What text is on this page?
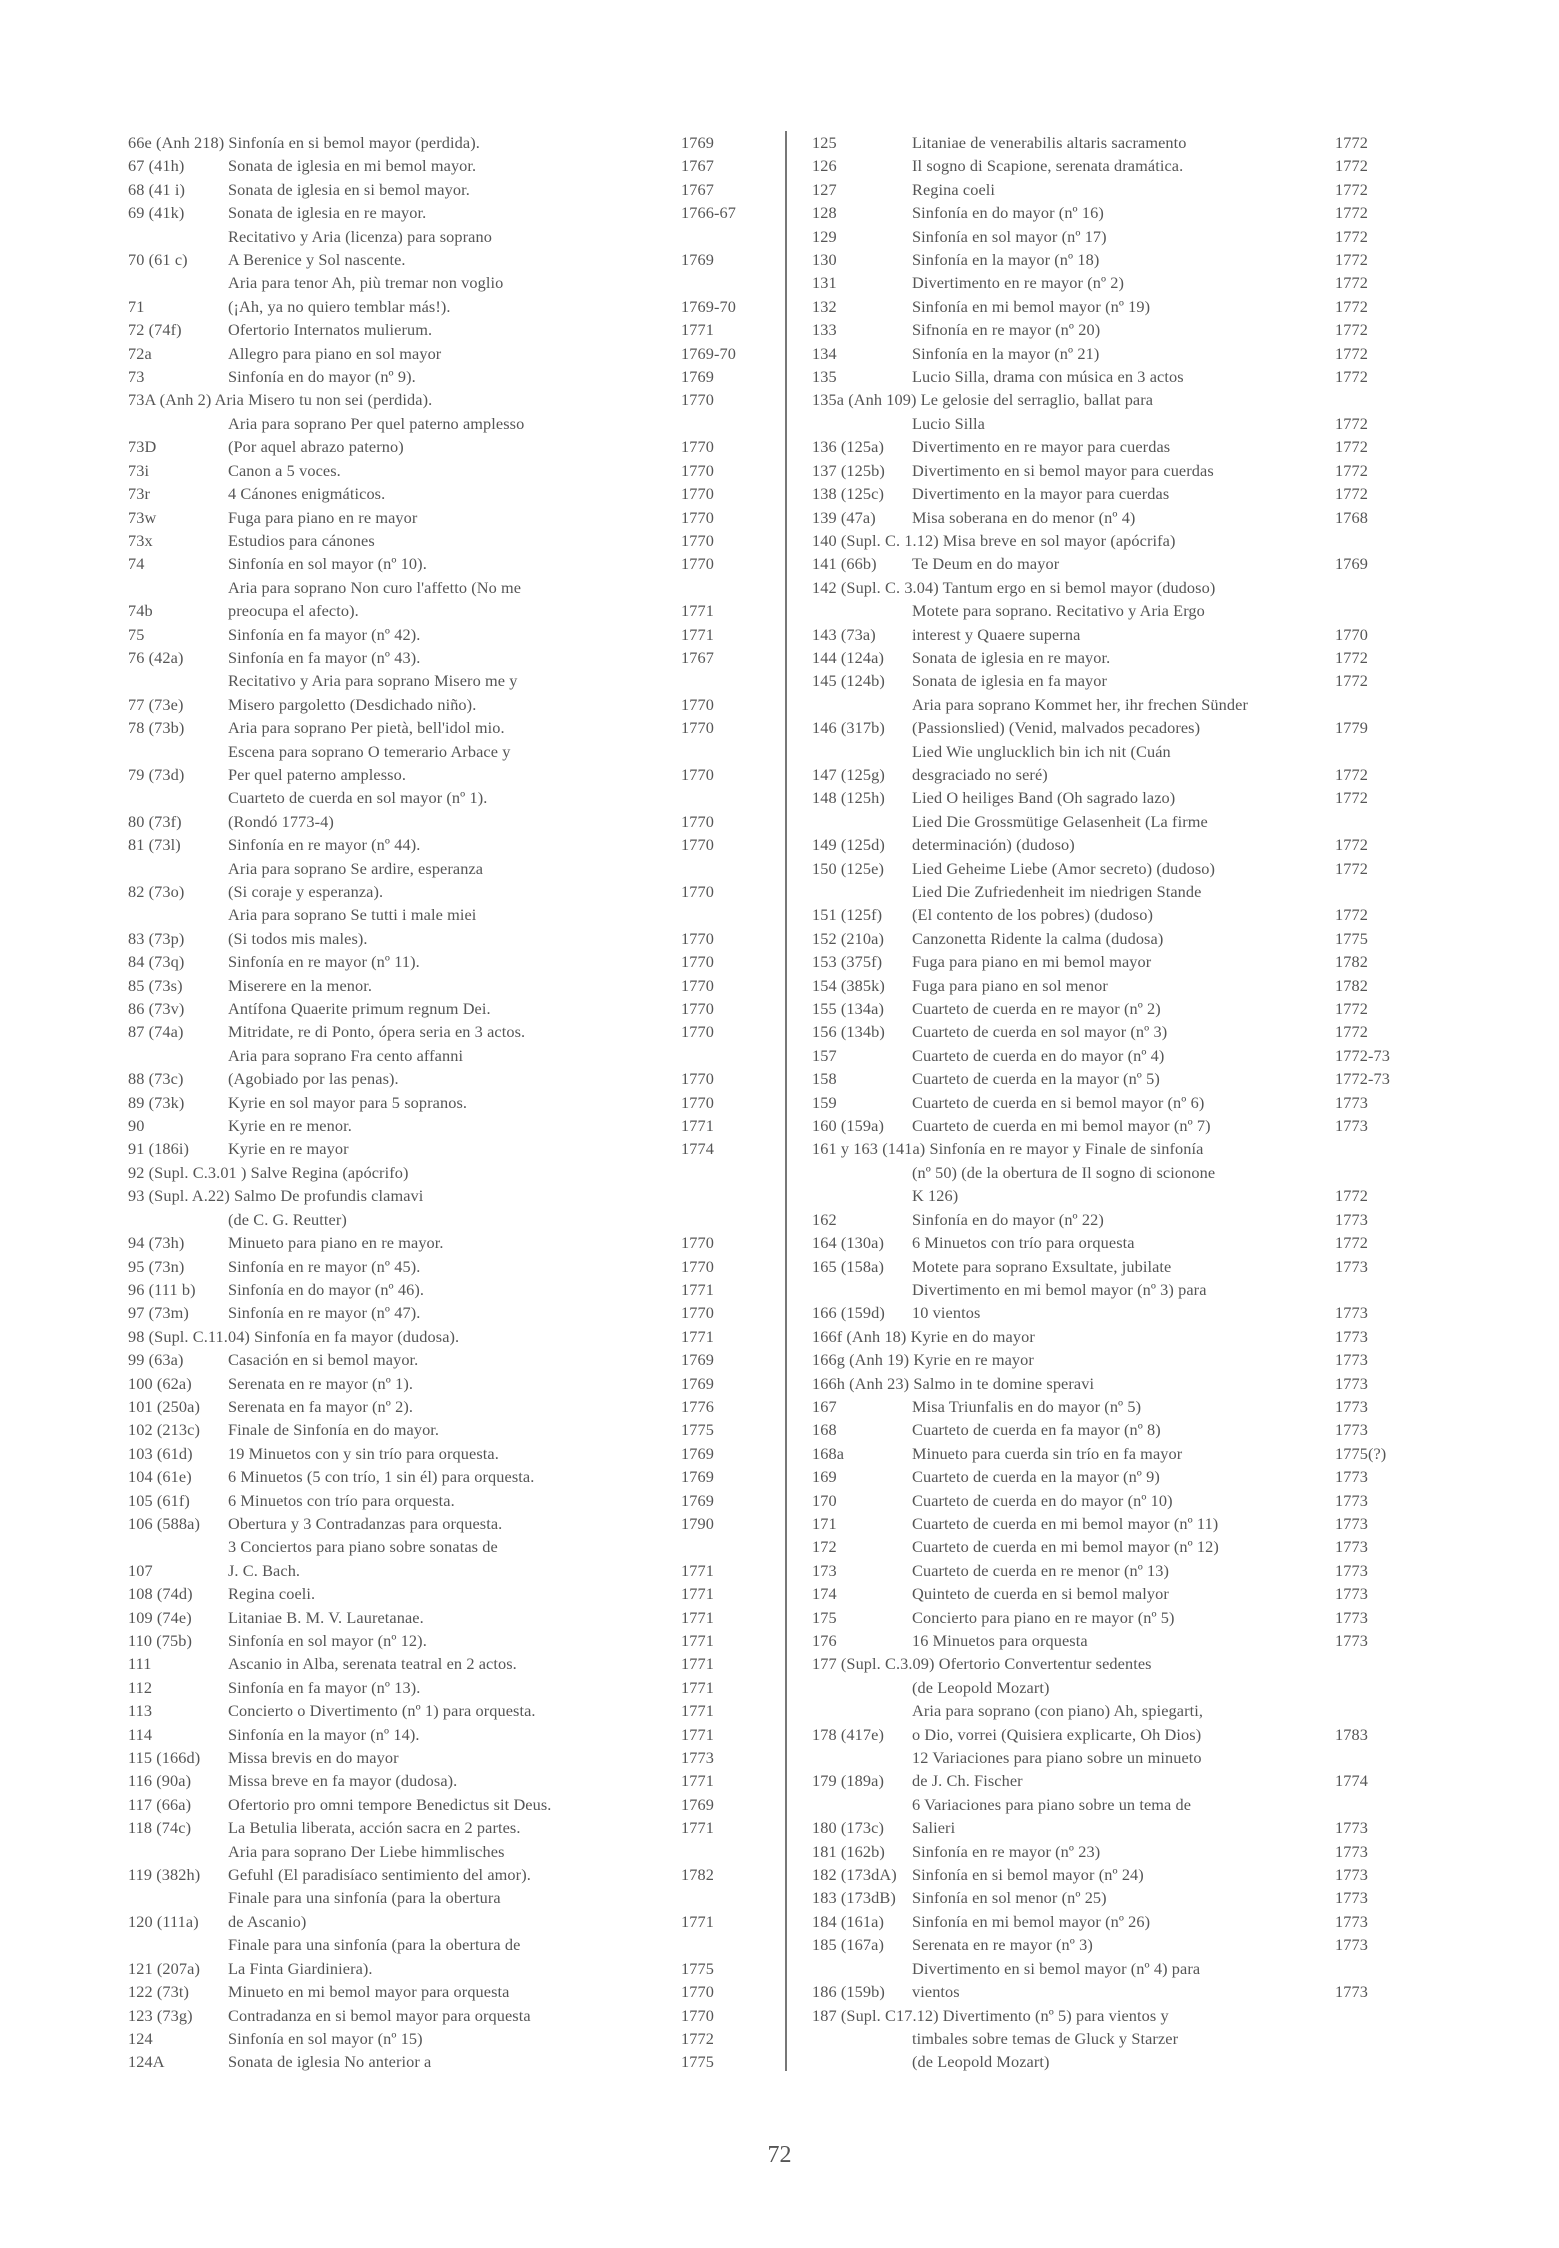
66e (Anh 218) Sinfonía en si bemol mayor (perdida).	1769
67 (41h)	Sonata de iglesia en mi bemol mayor.	1767
68 (41 i)	Sonata de iglesia en si bemol mayor.	1767
69 (41k)	Sonata de iglesia en re mayor.	1766-67
70 (61 c)
Recitativo y Aria (licenza) para soprano
A Berenice y Sol nascente.	1769
71
Aria para tenor Ah, più tremar non voglio
(¡Ah, ya no quiero temblar más!).	1769-70
72 (74f)	Ofertorio Internatos mulierum.	1771
72a	Allegro para piano en sol mayor	1769-70
73	Sinfonía en do mayor (nº 9).	1769
73A (Anh 2) Aria Misero tu non sei (perdida).	1770
73D
Aria para soprano Per quel paterno amplesso
(Por aquel abrazo paterno)	1770
73i	Canon a 5 voces.	1770
73r	4 Cánones enigmáticos.	1770
73w	Fuga para piano en re mayor	1770
73x	Estudios para cánones	1770
74	Sinfonía en sol mayor (nº 10).	1770
74b
Aria para soprano Non curo l'affetto (No me
preocupa el afecto).	1771
75	Sinfonía en fa mayor (nº 42).	1771
76 (42a)	Sinfonía en fa mayor (nº 43).	1767
77 (73e)
Recitativo y Aria para soprano Misero me y
Misero pargoletto (Desdichado niño).	1770
78 (73b)	Aria para soprano Per pietà, bell'idol mio.	1770
79 (73d)
Escena para soprano O temerario Arbace y
Per quel paterno amplesso.	1770
80 (73f)
Cuarteto de cuerda en sol mayor (nº 1).
(Rondó 1773-4)	1770
81 (73l)	Sinfonía en re mayor (nº 44).	1770
82 (73o)
Aria para soprano Se ardire, esperanza
(Si coraje y esperanza).	1770
83 (73p)
Aria para soprano Se tutti i male miei
(Si todos mis males).	1770
84 (73q)	Sinfonía en re mayor (nº 11).	1770
85 (73s)	Miserere en la menor.	1770
86 (73v)	Antífona Quaerite primum regnum Dei.	1770
87 (74a)	Mitridate, re di Ponto, ópera seria en 3 actos.	1770
88 (73c)
Aria para soprano Fra cento affanni
(Agobiado por las penas).	1770
89 (73k)	Kyrie en sol mayor para 5 sopranos.	1770
90	Kyrie en re menor.	1771
91 (186i)	Kyrie en re mayor	1774
92 (Supl. C.3.01 ) Salve Regina (apócrifo)
93 (Supl. A.22) Salmo De profundis clamavi
(de C. G. Reutter)
94 (73h)	Minueto para piano en re mayor.	1770
95 (73n)	Sinfonía en re mayor (nº 45).	1770
96 (111 b)	Sinfonía en do mayor (nº 46).	1771
97 (73m)	Sinfonía en re mayor (nº 47).	1770
98 (Supl. C.11.04) Sinfonía en fa mayor (dudosa).	1771
99 (63a)	Casación en si bemol mayor.	1769
100 (62a)	Serenata en re mayor (nº 1).	1769
101 (250a)	Serenata en fa mayor (nº 2).	1776
102 (213c)	Finale de Sinfonía en do mayor.	1775
103 (61d)	19 Minuetos con y sin trío para orquesta.	1769
104 (61e)	6 Minuetos (5 con trío, 1 sin él) para orquesta.	1769
105 (61f)	6 Minuetos con trío para orquesta.	1769
106 (588a)	Obertura y 3 Contradanzas para orquesta.	1790
107
3 Conciertos para piano sobre sonatas de
J. C. Bach.	1771
108 (74d)	Regina coeli.	1771
109 (74e)	Litaniae B. M. V. Lauretanae.	1771
110 (75b)	Sinfonía en sol mayor (nº 12).	1771
111	Ascanio in Alba, serenata teatral en 2 actos.	1771
112	Sinfonía en fa mayor (nº 13).	1771
113	Concierto o Divertimento (nº 1) para orquesta.	1771
114	Sinfonía en la mayor (nº 14).	1771
115 (166d)	Missa brevis en do mayor	1773
116 (90a)	Missa breve en fa mayor (dudosa).	1771
117 (66a)	Ofertorio pro omni tempore Benedictus sit Deus.	1769
118 (74c)	La Betulia liberata, acción sacra en 2 partes.	1771
119 (382h)
Aria para soprano Der Liebe himmlisches
Gefuhl (El paradisíaco sentimiento del amor).	1782
120 (111a)
Finale para una sinfonía (para la obertura
de Ascanio)	1771
121 (207a)
Finale para una sinfonía (para la obertura de
La Finta Giardiniera).	1775
122 (73t)	Minueto en mi bemol mayor para orquesta	1770
123 (73g)	Contradanza en si bemol mayor para orquesta	1770
124	Sinfonía en sol mayor (nº 15)	1772
124A	Sonata de iglesia No anterior a	1775
125	Litaniae de venerabilis altaris sacramento	1772
126	Il sogno di Scapione, serenata dramática.	1772
127	Regina coeli	1772
128	Sinfonía en do mayor (nº 16)	1772
129	Sinfonía en sol mayor (nº 17)	1772
130	Sinfonía en la mayor (nº 18)	1772
131	Divertimento en re mayor (nº 2)	1772
132	Sinfonía en mi bemol mayor (nº 19)	1772
133	Sifnonía en re mayor (nº 20)	1772
134	Sinfonía en la mayor (nº 21)	1772
135	Lucio Silla, drama con música en 3 actos	1772
135a (Anh 109) Le gelosie del serraglio, ballat para
Lucio Silla	1772
136 (125a)	Divertimento en re mayor para cuerdas	1772
137 (125b)	Divertimento en si bemol mayor para cuerdas	1772
138 (125c)	Divertimento en la mayor para cuerdas	1772
139 (47a)	Misa soberana en do menor (nº 4)	1768
140 (Supl. C. 1.12) Misa breve en sol mayor (apócrifa)
141 (66b)	Te Deum en do mayor	1769
142 (Supl. C. 3.04) Tantum ergo en si bemol mayor (dudoso)
143 (73a)
Motete para soprano. Recitativo y Aria Ergo
interest y Quaere superna	1770
144 (124a)	Sonata de iglesia en re mayor.	1772
145 (124b)	Sonata de iglesia en fa mayor	1772
146 (317b)
Aria para soprano Kommet her, ihr frechen Sünder
(Passionslied) (Venid, malvados pecadores)	1779
147 (125g)
Lied Wie unglucklich bin ich nit (Cuán
desgraciado no seré)	1772
148 (125h)	Lied O heiliges Band (Oh sagrado lazo)	1772
149 (125d)
Lied Die Grossmütige Gelasenheit (La firme
determinación) (dudoso)	1772
150 (125e)	Lied Geheime Liebe (Amor secreto) (dudoso)	1772
151 (125f)
Lied Die Zufriedenheit im niedrigen Stande
(El contento de los pobres) (dudoso)	1772
152 (210a)	Canzonetta Ridente la calma (dudosa)	1775
153 (375f)	Fuga para piano en mi bemol mayor	1782
154 (385k)	Fuga para piano en sol menor	1782
155 (134a)	Cuarteto de cuerda en re mayor (nº 2)	1772
156 (134b)	Cuarteto de cuerda en sol mayor (nº 3)	1772
157	Cuarteto de cuerda en do mayor (nº 4)	1772-73
158	Cuarteto de cuerda en la mayor (nº 5)	1772-73
159	Cuarteto de cuerda en si bemol mayor (nº 6)	1773
160 (159a)	Cuarteto de cuerda en mi bemol mayor (nº 7)	1773
161 y 163 (141a) Sinfonía en re mayor y Finale de sinfonía
(nº 50) (de la obertura de Il sogno di scionone
K 126)	1772
162	Sinfonía en do mayor (nº 22)	1773
164 (130a)	6 Minuetos con trío para orquesta	1772
165 (158a)	Motete para soprano Exsultate, jubilate	1773
166 (159d)
Divertimento en mi bemol mayor (nº 3) para
10 vientos	1773
166f (Anh 18) Kyrie en do mayor	1773
166g (Anh 19) Kyrie en re mayor	1773
166h (Anh 23) Salmo in te domine speravi	1773
167	Misa Triunfalis en do mayor (nº 5)	1773
168	Cuarteto de cuerda en fa mayor (nº 8)	1773
168a	Minueto para cuerda sin trío en fa mayor	1775(?)
169	Cuarteto de cuerda en la mayor (nº 9)	1773
170	Cuarteto de cuerda en do mayor (nº 10)	1773
171	Cuarteto de cuerda en mi bemol mayor (nº 11)	1773
172	Cuarteto de cuerda en mi bemol mayor (nº 12)	1773
173	Cuarteto de cuerda en re menor (nº 13)	1773
174	Quinteto de cuerda en si bemol malyor	1773
175	Concierto para piano en re mayor (nº 5)	1773
176	16 Minuetos para orquesta	1773
177 (Supl. C.3.09) Ofertorio Convertentur sedentes
(de Leopold Mozart)
178 (417e)
Aria para soprano (con piano) Ah, spiegarti,
o Dio, vorrei (Quisiera explicarte, Oh Dios)	1783
179 (189a)
12 Variaciones para piano sobre un minueto
de J. Ch. Fischer	1774
180 (173c)
6 Variaciones para piano sobre un tema de
Salieri	1773
181 (162b)	Sinfonía en re mayor (nº 23)	1773
182 (173dA) Sinfonía en si bemol mayor (nº 24)	1773
183 (173dB) Sinfonía en sol menor (nº 25)	1773
184 (161a)	Sinfonía en mi bemol mayor (nº 26)	1773
185 (167a)	Serenata en re mayor (nº 3)	1773
186 (159b)
Divertimento en si bemol mayor (nº 4) para
vientos	1773
187 (Supl. C17.12) Divertimento (nº 5) para vientos y
timbales sobre temas de Gluck y Starzer
(de Leopold Mozart)
72
